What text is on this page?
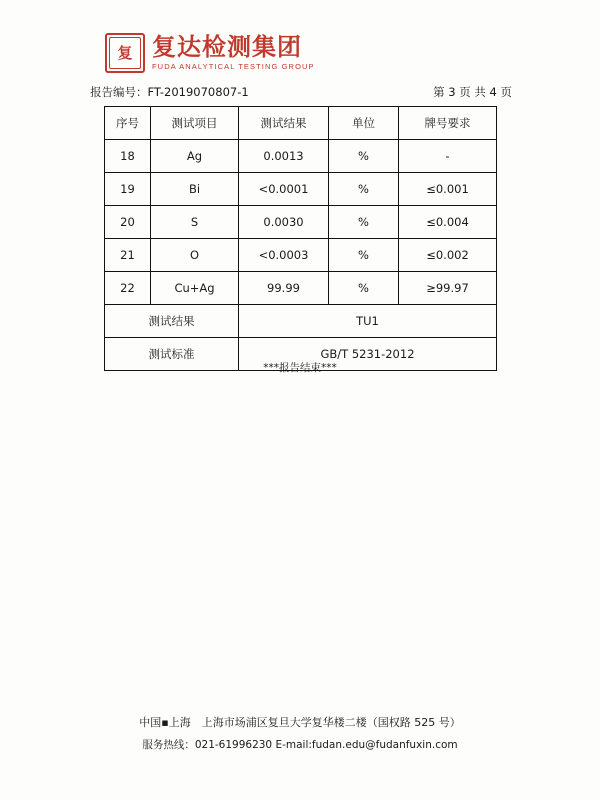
复 复达检测集团
FUDA ANALYTICAL TESTING GROUP
报告编号：FT-2019070807-1	第 3 页 共 4 页
序号	测试项目	测试结果	单位	牌号要求
18	Ag	0.0013	%	-
19	Bi	<0.0001	%	≤0.001
20	S	0.0030	%	≤0.004
21	O	<0.0003	%	≤0.002
22	Cu+Ag	99.99	%	≥99.97
测试结果		TU1		
测试标准		GB/T 5231-2012		
***报告结束***
中国▪上海　上海市场浦区复旦大学复华楼二楼（国权路 525 号）
服务热线：021-61996230 E-mail:fudan.edu@fudanfuxin.com
